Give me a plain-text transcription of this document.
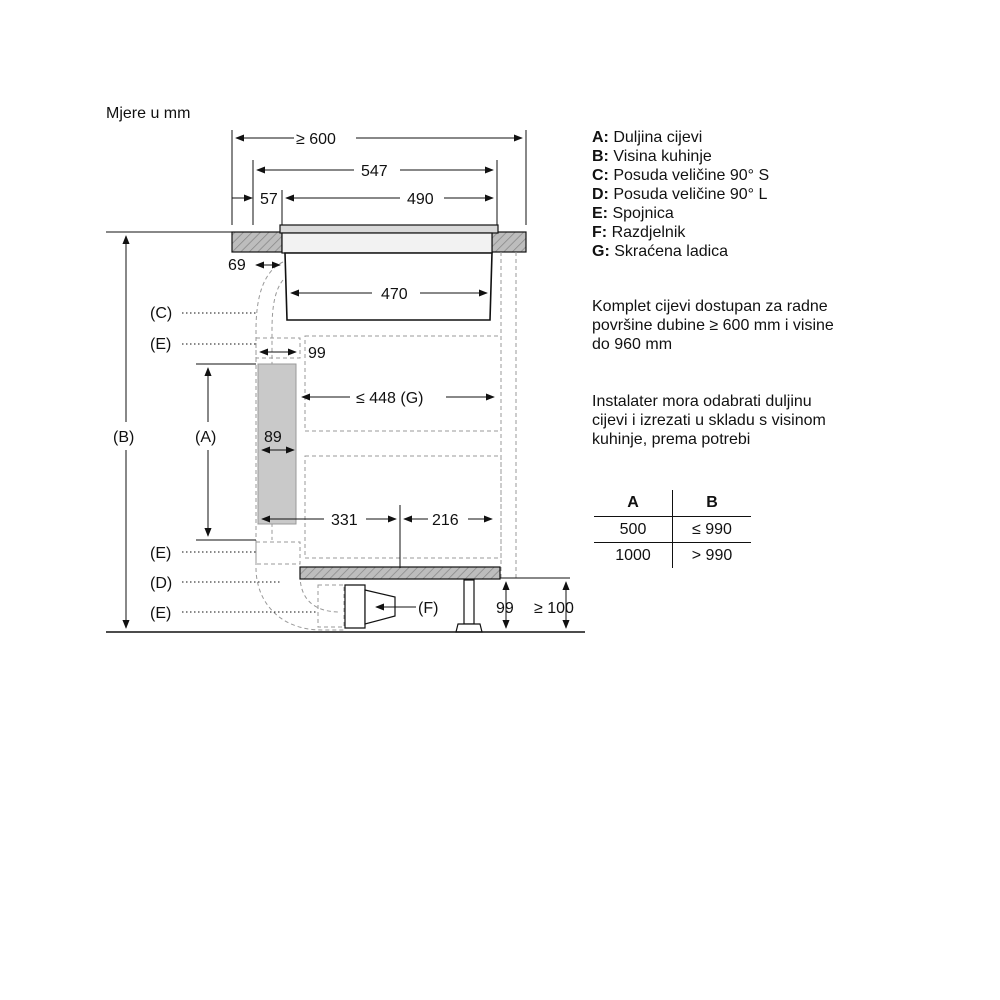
Mjere u mm
≥ 600
547
57	490
69
470
99
≤ 448 (G)
89
331	216
(B)	(A)
99 ≥ 100
(C)
(E)
(E)
(D)
(E)	(F)
A: Duljina cijevi
B: Visina kuhinje
C: Posuda veličine 90° S
D: Posuda veličine 90° L
E: Spojnica
F: Razdjelnik
G: Skraćena ladica
Komplet cijevi dostupan za radne
površine dubine ≥ 600 mm i visine
do 960 mm
Instalater mora odabrati duljinu
cijevi i izrezati u skladu s visinom
kuhinje, prema potrebi
A	B
500	≤ 990
1000	> 990
